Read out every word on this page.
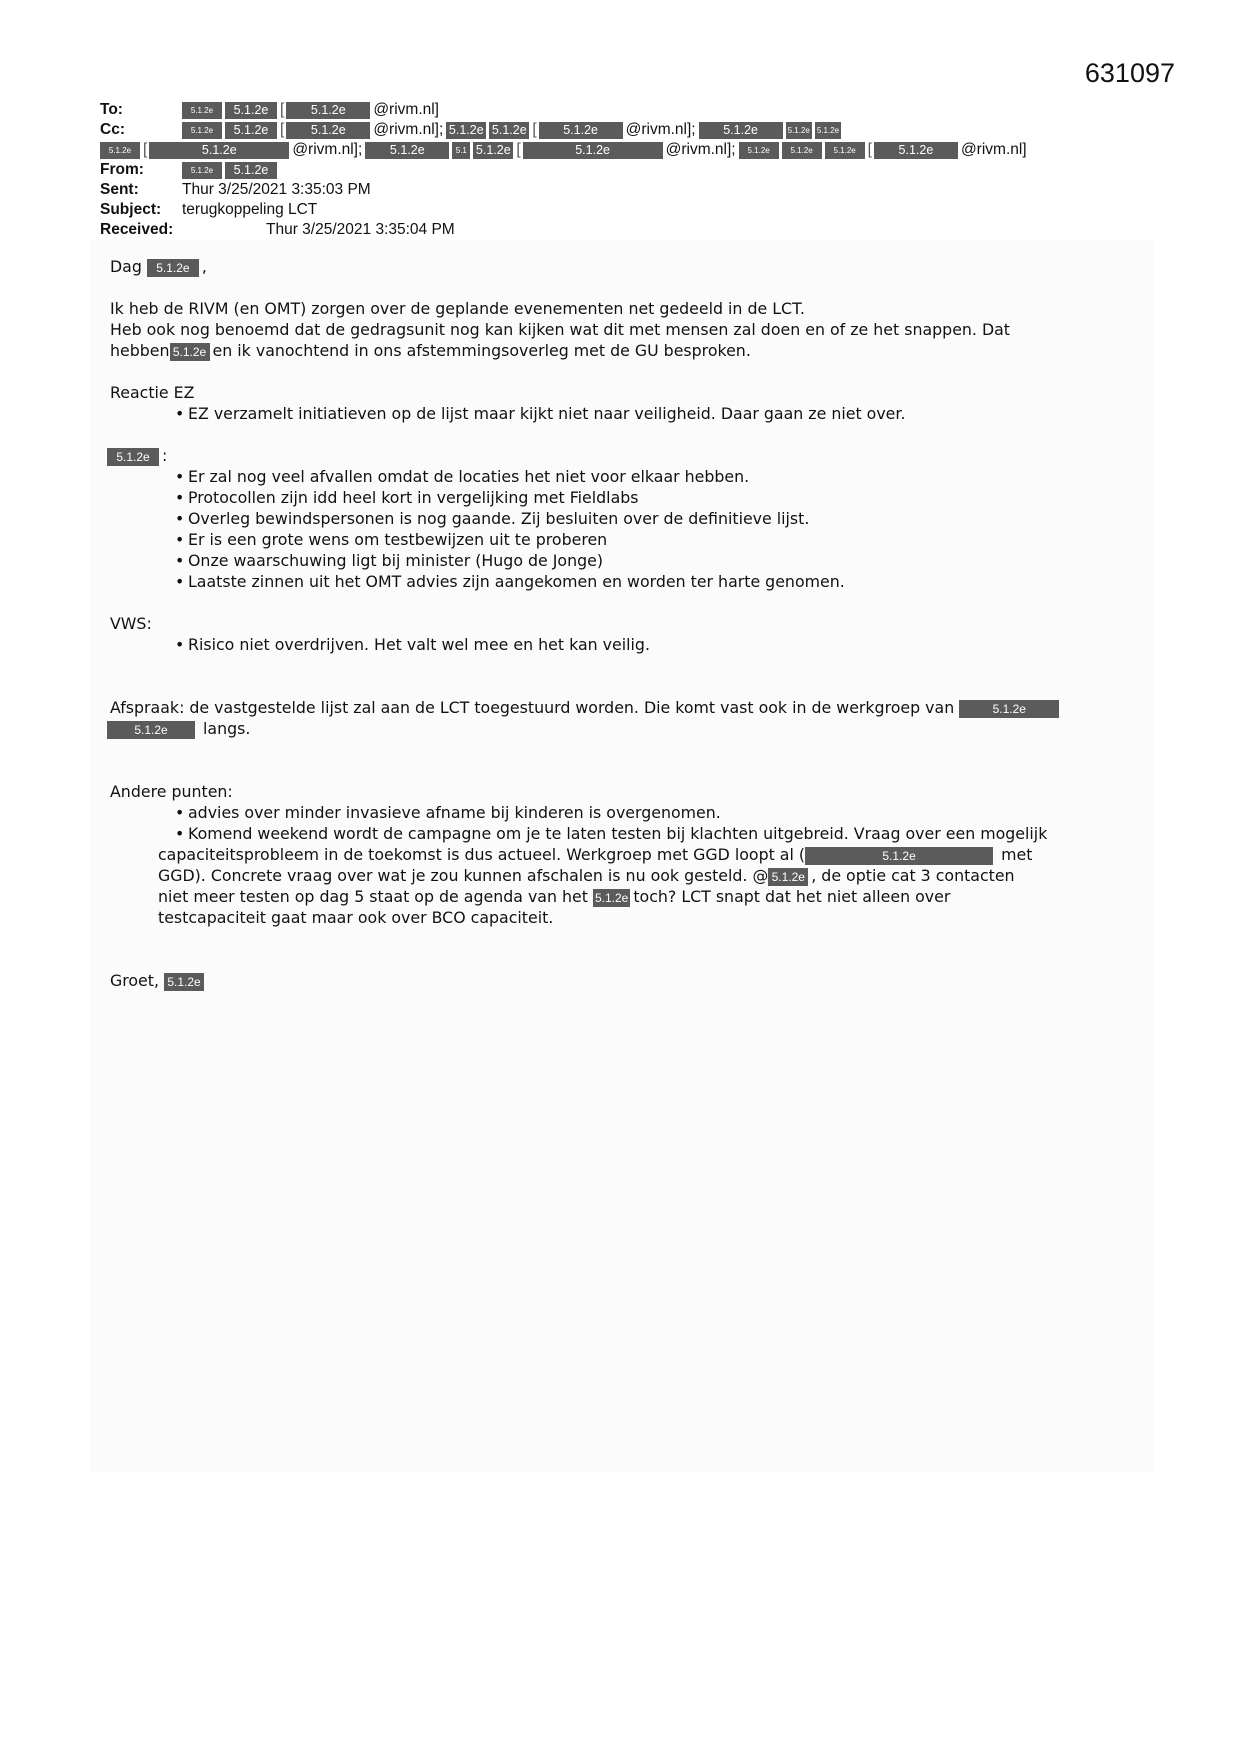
631097
To:	5.1.2e	5.1.2e [	5.1.2e	@rivm.nl]
Cc:	5.1.2e	5.1.2e [	5.1.2e	@rivm.nl]; 5.1.2e 5.1.2e [	5.1.2e	@rivm.nl];	5.1.2e	5.1.2e 5.1.2e
5.1.2e [	5.1.2e	@rivm.nl];	5.1.2e	5.1 5.1.2e [	5.1.2e	@rivm.nl];	5.1.2e	5.1.2e	5.1.2e [	5.1.2e	@rivm.nl]
From:	5.1.2e	5.1.2e
Sent:	Thur 3/25/2021 3:35:03 PM
Subject:	terugkoppeling LCT
Received:	Thur 3/25/2021 3:35:04 PM

Dag 5.1.2e ,

Ik heb de RIVM (en OMT) zorgen over de geplande evenementen net gedeeld in de LCT.

Heb ook nog benoemd dat de gedragsunit nog kan kijken wat dit met mensen zal doen en of ze het snappen. Dat

hebben 5.1.2e en ik vanochtend in ons afstemmingsoverleg met de GU besproken.

Reactie EZ

• EZ verzamelt initiatieven op de lijst maar kijkt niet naar veiligheid. Daar gaan ze niet over.

5.1.2e :

• Er zal nog veel afvallen omdat de locaties het niet voor elkaar hebben.
• Protocollen zijn idd heel kort in vergelijking met Fieldlabs
• Overleg bewindspersonen is nog gaande. Zij besluiten over de definitieve lijst.
• Er is een grote wens om testbewijzen uit te proberen
• Onze waarschuwing ligt bij minister (Hugo de Jonge)
• Laatste zinnen uit het OMT advies zijn aangekomen en worden ter harte genomen.

VWS:

• Risico niet overdrijven. Het valt wel mee en het kan veilig.

Afspraak: de vastgestelde lijst zal aan de LCT toegestuurd worden. Die komt vast ook in de werkgroep van	5.1.2e

5.1.2e langs.

Andere punten:

• advies over minder invasieve afname bij kinderen is overgenomen.
• Komend weekend wordt de campagne om je te laten testen bij klachten uitgebreid. Vraag over een mogelijk
capaciteitsprobleem in de toekomst is dus actueel. Werkgroep met GGD loopt al (	5.1.2e	met
GGD). Concrete vraag over wat je zou kunnen afschalen is nu ook gesteld. @ 5.1.2e , de optie cat 3 contacten
niet meer testen op dag 5 staat op de agenda van het 5.1.2e toch? LCT snapt dat het niet alleen over
testcapaciteit gaat maar ook over BCO capaciteit.

Groet, 5.1.2e
